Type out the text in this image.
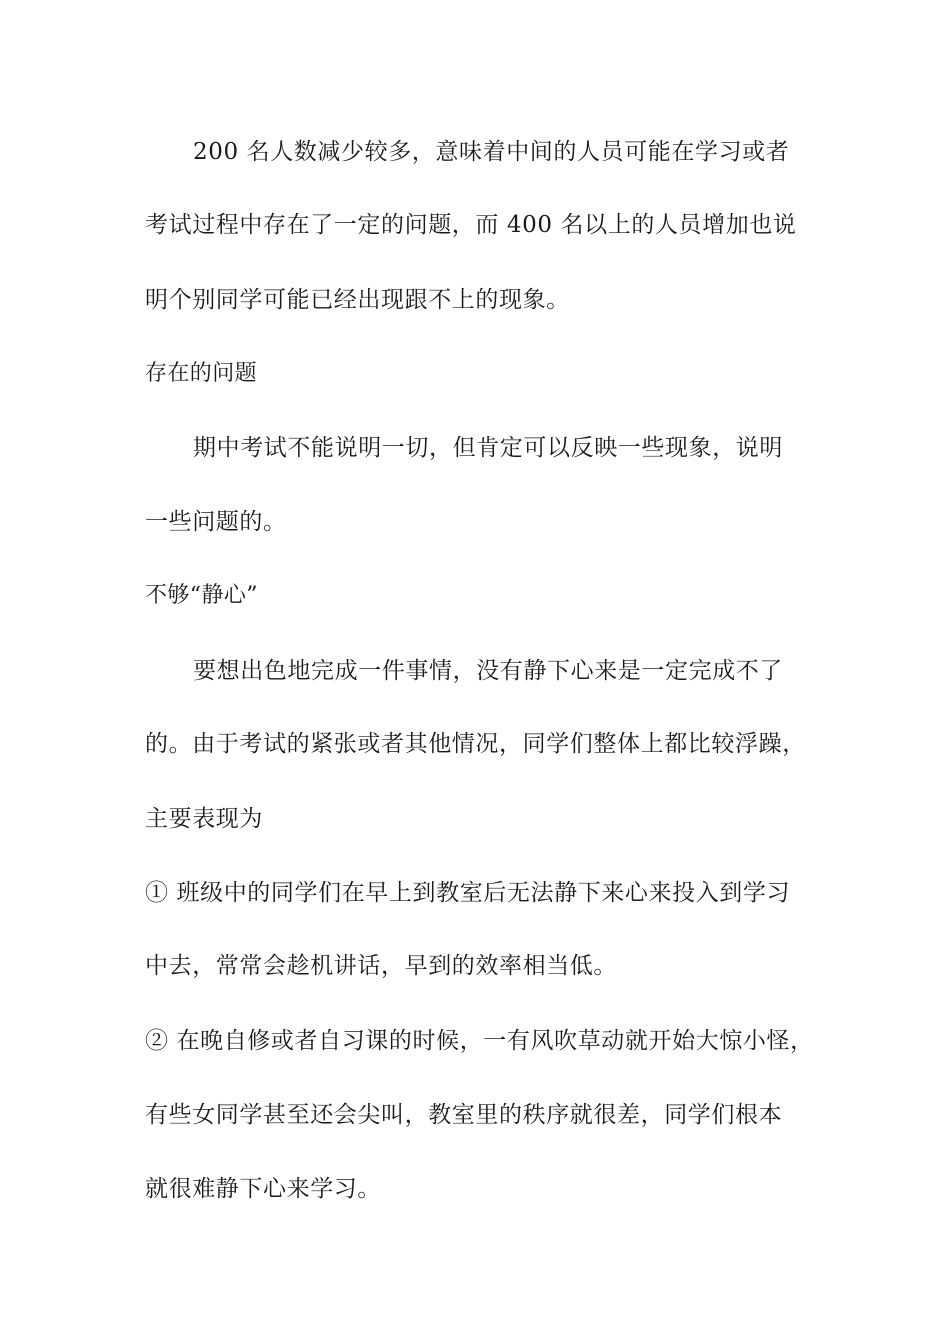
200 名人数减少较多，意味着中间的人员可能在学习或者
考试过程中存在了一定的问题，而 400 名以上的人员增加也说
明个别同学可能已经出现跟不上的现象。
存在的问题
期中考试不能说明一切，但肯定可以反映一些现象，说明
一些问题的。
不够“静心”
要想出色地完成一件事情，没有静下心来是一定完成不了
的。由于考试的紧张或者其他情况，同学们整体上都比较浮躁，
主要表现为
① 班级中的同学们在早上到教室后无法静下来心来投入到学习
中去，常常会趁机讲话，早到的效率相当低。
② 在晚自修或者自习课的时候，一有风吹草动就开始大惊小怪，
有些女同学甚至还会尖叫，教室里的秩序就很差，同学们根本
就很难静下心来学习。
